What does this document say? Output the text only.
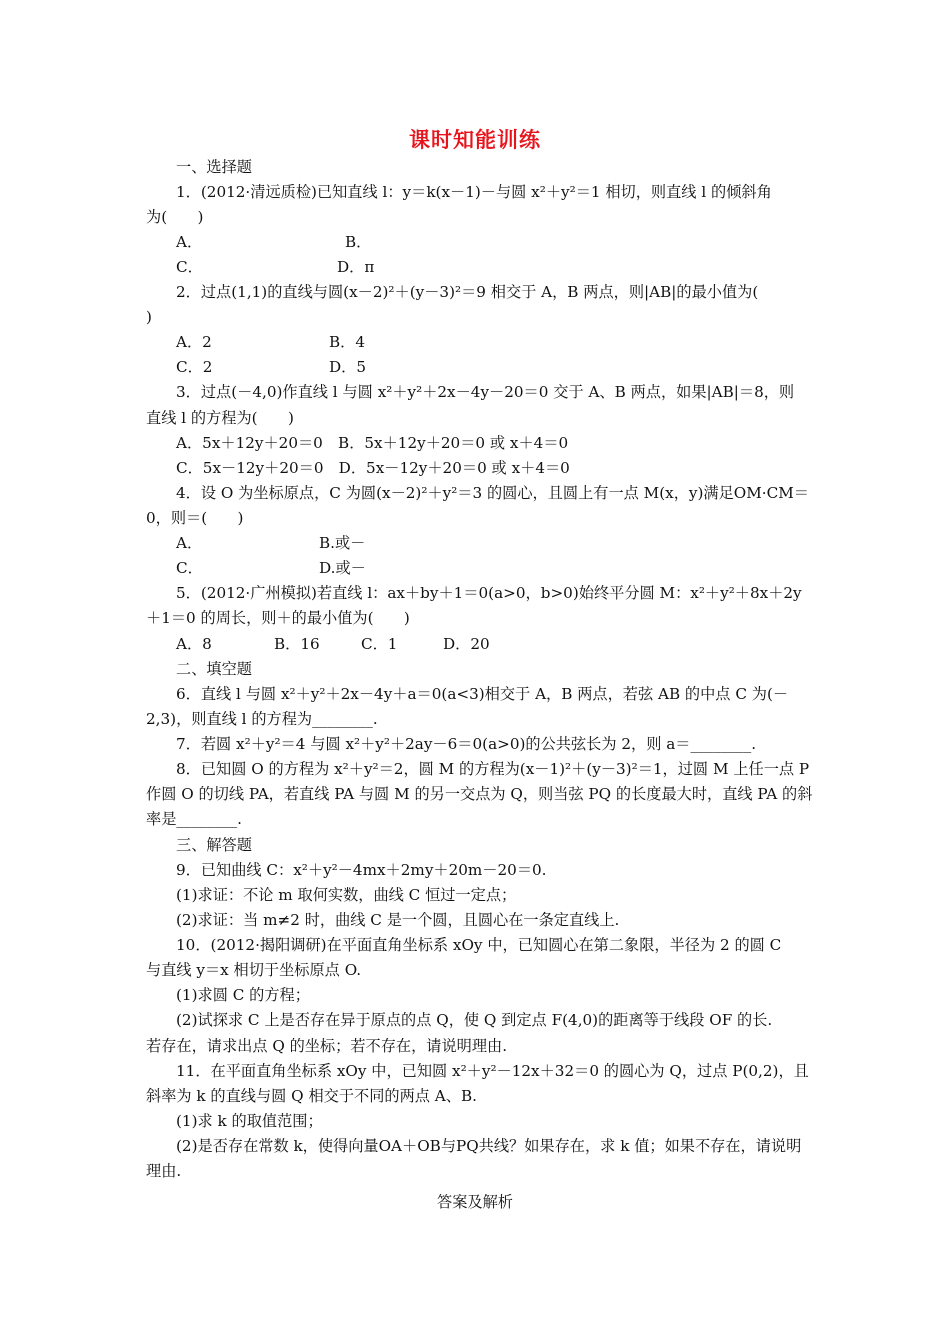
课时知能训练
一、选择题
1．(2012·清远质检)已知直线 l：y＝k(x－1)－与圆 x²＋y²＝1 相切，则直线 l 的倾斜角
为(　　)
A．	B．
C．	D．π
2．过点(1,1)的直线与圆(x－2)²＋(y－3)²＝9 相交于 A，B 两点，则|AB|的最小值为(
)
A．2	B．4
C．2	D．5
3．过点(－4,0)作直线 l 与圆 x²＋y²＋2x－4y－20＝0 交于 A、B 两点，如果|AB|＝8，则
直线 l 的方程为(　　)
A．5x＋12y＋20＝0　B．5x＋12y＋20＝0 或 x＋4＝0
C．5x－12y＋20＝0　D．5x－12y＋20＝0 或 x＋4＝0
4．设 O 为坐标原点，C 为圆(x－2)²＋y²＝3 的圆心，且圆上有一点 M(x，y)满足OM·CM＝
0，则＝(　　)
A．	B.或－
C．	D.或－
5．(2012·广州模拟)若直线 l：ax＋by＋1＝0(a>0，b>0)始终平分圆 M：x²＋y²＋8x＋2y
＋1＝0 的周长，则＋的最小值为(　　)
A．8	B．16	C．1	D．20
二、填空题
6．直线 l 与圆 x²＋y²＋2x－4y＋a＝0(a<3)相交于 A，B 两点，若弦 AB 的中点 C 为(－
2,3)，则直线 l 的方程为________.
7．若圆 x²＋y²＝4 与圆 x²＋y²＋2ay－6＝0(a>0)的公共弦长为 2，则 a＝________.
8．已知圆 O 的方程为 x²＋y²＝2，圆 M 的方程为(x－1)²＋(y－3)²＝1，过圆 M 上任一点 P
作圆 O 的切线 PA，若直线 PA 与圆 M 的另一交点为 Q，则当弦 PQ 的长度最大时，直线 PA 的斜
率是________.
三、解答题
9．已知曲线 C：x²＋y²－4mx＋2my＋20m－20＝0.
(1)求证：不论 m 取何实数，曲线 C 恒过一定点；
(2)求证：当 m≠2 时，曲线 C 是一个圆，且圆心在一条定直线上.
10．(2012·揭阳调研)在平面直角坐标系 xOy 中，已知圆心在第二象限，半径为 2 的圆 C
与直线 y＝x 相切于坐标原点 O.
(1)求圆 C 的方程；
(2)试探求 C 上是否存在异于原点的点 Q，使 Q 到定点 F(4,0)的距离等于线段 OF 的长.
若存在，请求出点 Q 的坐标；若不存在，请说明理由.
11．在平面直角坐标系 xOy 中，已知圆 x²＋y²－12x＋32＝0 的圆心为 Q，过点 P(0,2)，且
斜率为 k 的直线与圆 Q 相交于不同的两点 A、B.
(1)求 k 的取值范围；
(2)是否存在常数 k，使得向量OA＋OB与PQ共线？如果存在，求 k 值；如果不存在，请说明
理由.
答案及解析
